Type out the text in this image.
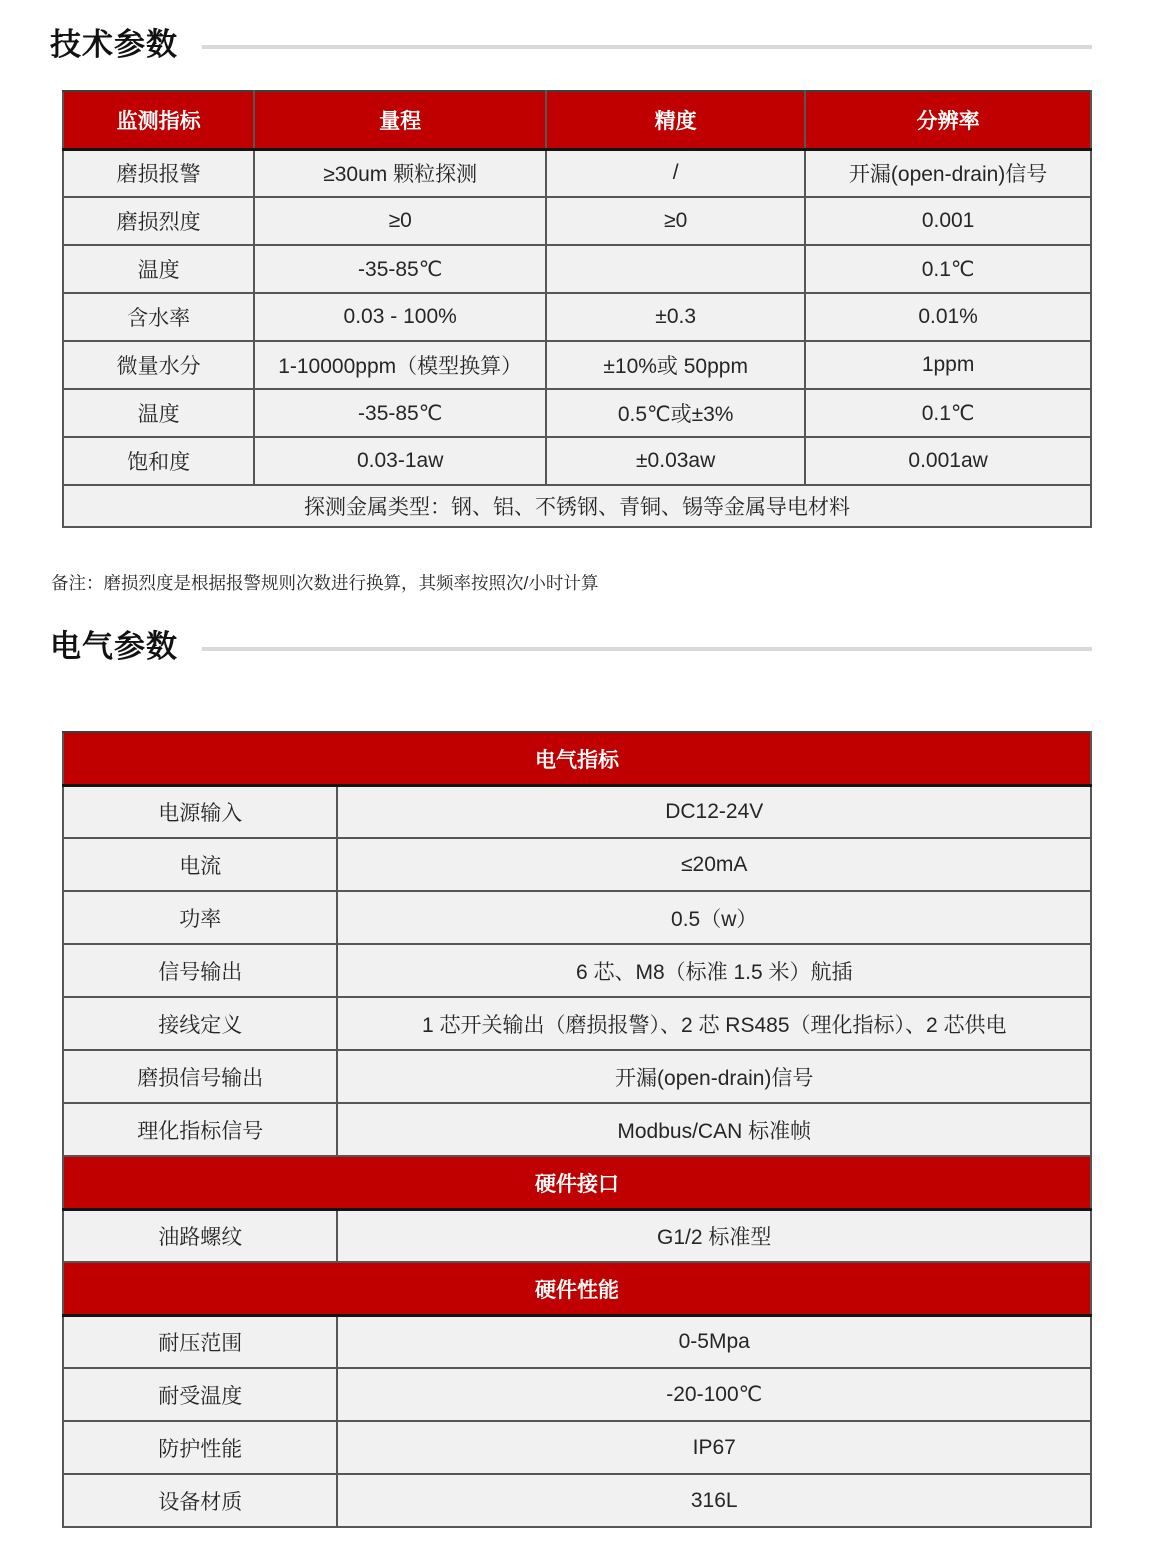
技术参数
监测指标	量程	精度	分辨率
磨损报警	≥30um 颗粒探测	/	开漏(open-drain)信号
磨损烈度	≥0	≥0	0.001
温度	-35-85℃		0.1℃
含水率	0.03 - 100%	±0.3	0.01%
微量水分	1-10000ppm（模型换算）	±10%或 50ppm	1ppm
温度	-35-85℃	0.5℃或±3%	0.1℃
饱和度	0.03-1aw	±0.03aw	0.001aw
探测金属类型：钢、铝、不锈钢、青铜、锡等金属导电材料			

备注：磨损烈度是根据报警规则次数进行换算，其频率按照次/小时计算

电气参数
电气指标	
电源输入	DC12-24V
电流	≤20mA
功率	0.5（w）
信号输出	6 芯、M8（标准 1.5 米）航插
接线定义	1 芯开关输出（磨损报警）、2 芯 RS485（理化指标）、2 芯供电
磨损信号输出	开漏(open-drain)信号
理化指标信号	Modbus/CAN 标准帧
硬件接口	
油路螺纹	G1/2 标准型
硬件性能	
耐压范围	0-5Mpa
耐受温度	-20-100℃
防护性能	IP67
设备材质	316L
